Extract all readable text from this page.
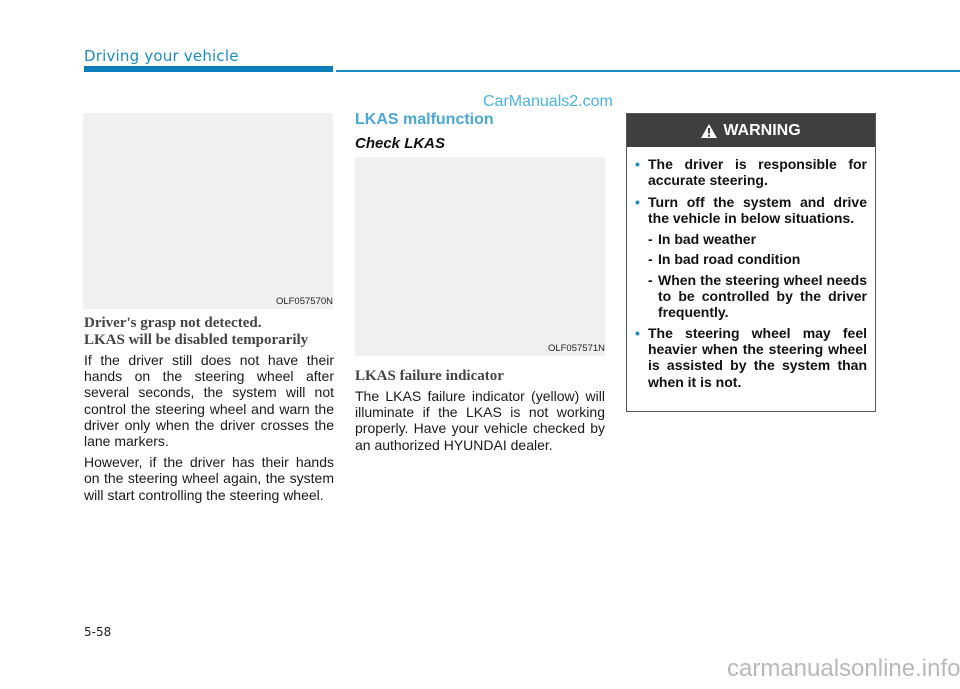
Driving your vehicle
CarManuals2.com
OLF057570N
Driver's grasp not detected.
LKAS will be disabled temporarily

If the driver still does not have their hands on the steering wheel after several seconds, the system will not control the steering wheel and warn the driver only when the driver crosses the lane markers.

However, if the driver has their hands on the steering wheel again, the system will start controlling the steering wheel.

LKAS malfunction
Check LKAS
OLF057571N
LKAS failure indicator

The LKAS failure indicator (yellow) will illuminate if the LKAS is not working properly. Have your vehicle checked by an authorized HYUNDAI dealer.

WARNING
• The driver is responsible for accurate steering.
• Turn off the system and drive the vehicle in below situations.
- In bad weather
- In bad road condition
- When the steering wheel needs to be controlled by the driver frequently.
• The steering wheel may feel heavier when the steering wheel is assisted by the system than when it is not.
5-58
carmanualsonline.info
